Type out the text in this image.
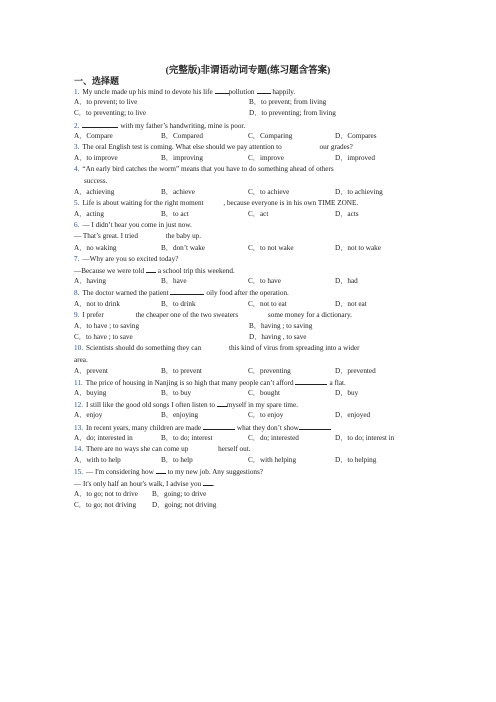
(完整版)非谓语动词专题(练习题含答案)
一、选择题
1. My uncle made up his mind to devote his life pollution happily.
A．to prevent; to live	B．to prevent; from living
C．to preventing; to live	D．to preventing; from living
2.	with my father’s handwriting, mine is poor.
A．Compare	B．Compared	C．Comparing	D．Compares
3. The oral English test is coming. What else should we pay attention to	our grades?
A．to improve	B．improving	C．improve	D．improved
4. “An early bird catches the worm” means that you have to do something ahead of others
success.
A．achieving	B．achieve	C．to achieve	D．to achieving
5. Life is about waiting for the right moment	, because everyone is in his own TIME ZONE.
A．acting	B．to act	C．act	D．acts
6. — I didn’t hear you come in just now.
— That’s great. I tried	the baby up.
A．no waking	B．don’t wake	C．to not wake	D．not to wake
7. —Why are you so excited today?
—Because we were told a school trip this weekend.
A．having	B．have	C．to have	D．had
8. The doctor warned the patient	oily food after the operation.
A．not to drink	B．to drink	C．not to eat	D．not eat
9. I prefer	the cheaper one of the two sweaters	some money for a dictionary.
A．to have ; to saving	B．having ; to saving
C．to have ; to save	D．having , to save
10. Scientists should do something they can	this kind of virus from spreading into a wider
area.
A．prevent	B．to prevent	C．preventing	D．prevented
11. The price of housing in Nanjing is so high that many people can’t afford	a flat.
A．buying	B．to buy	C．bought	D．buy
12. I still like the good old songs I often listen to myself in my spare time.
A．enjoy	B．enjoying	C．to enjoy	D．enjoyed
13. In recent years, many children are made	what they don’t show
A．do; interested in	B．to do; interest	C．do; interested	D．to do; interest in
14. There are no ways she can come up	herself out.
A．with to help	B．to help	C．with helping	D．to helping
15. — I'm considering how to my new job. Any suggestions?
— It's only half an hour's walk, I advise you .
A．to go; not to drive	B．going; to drive
C．to go; not driving	D．going; not driving
